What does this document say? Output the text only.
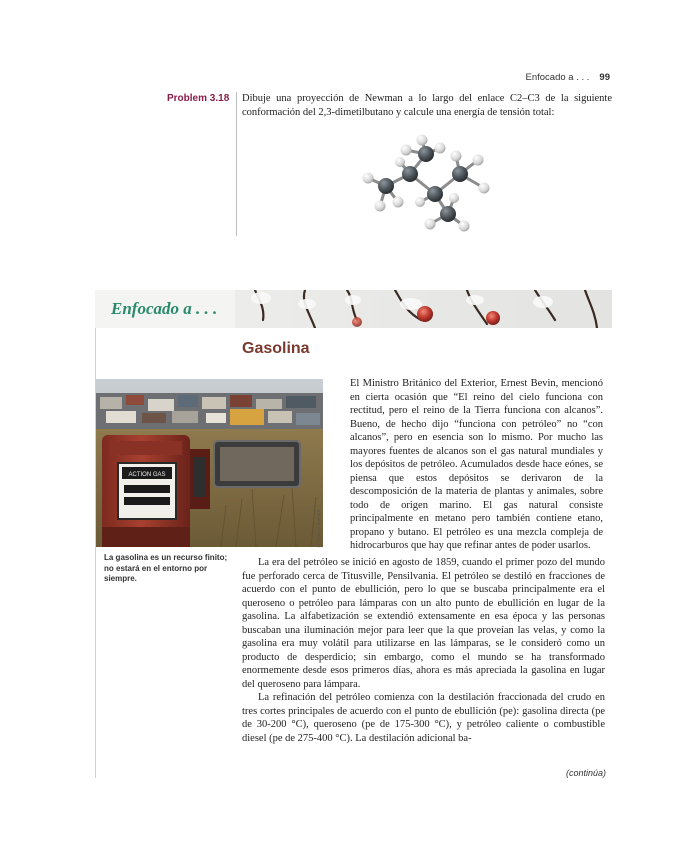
Enfocado a . . . 99
Problem 3.18	Dibuje una proyección de Newman a lo largo del enlace C2–C3 de la siguiente conformación del 2,3-dimetilbutano y calcule una energía de tensión total:
Enfocado a . . .
Gasolina
ACTION GAS
© Sascha Burkard
La gasolina es un recurso finito; no estará en el entorno por siempre.

El Ministro Británico del Exterior, Ernest Bevin, mencionó en cierta ocasión que “El reino del cielo funciona con rectitud, pero el reino de la Tierra funciona con alcanos”. Bueno, de hecho dijo “funciona con petróleo” no “con alcanos”, pero en esencia son lo mismo. Por mucho las mayores fuentes de alcanos son el gas natural mundiales y los depósitos de petróleo. Acumulados desde hace eónes, se piensa que estos depósitos se derivaron de la descomposición de la materia de plantas y animales, sobre todo de origen marino. El gas natural consiste principalmente en metano pero también contiene etano, propano y butano. El petróleo es una mezcla compleja de hidrocarburos que hay que refinar antes de poder usarlos.

La era del petróleo se inició en agosto de 1859, cuando el primer pozo del mundo fue perforado cerca de Titusville, Pensilvania. El petróleo se destiló en fracciones de acuerdo con el punto de ebullición, pero lo que se buscaba principalmente era el queroseno o petróleo para lámparas con un alto punto de ebullición en lugar de la gasolina. La alfabetización se extendió extensamente en esa época y las personas buscaban una iluminación mejor para leer que la que proveían las velas, y como la gasolina era muy volátil para utilizarse en las lámparas, se le consideró como un producto de desperdicio; sin embargo, como el mundo se ha transformado enormemente desde esos primeros días, ahora es más apreciada la gasolina en lugar del queroseno para lámpara.

La refinación del petróleo comienza con la destilación fraccionada del crudo en tres cortes principales de acuerdo con el punto de ebullición (pe): gasolina directa (pe de 30-200 °C), queroseno (pe de 175-300 °C), y petróleo caliente o combustible diesel (pe de 275-400 °C). La destilación adicional ba-

(continúa)
